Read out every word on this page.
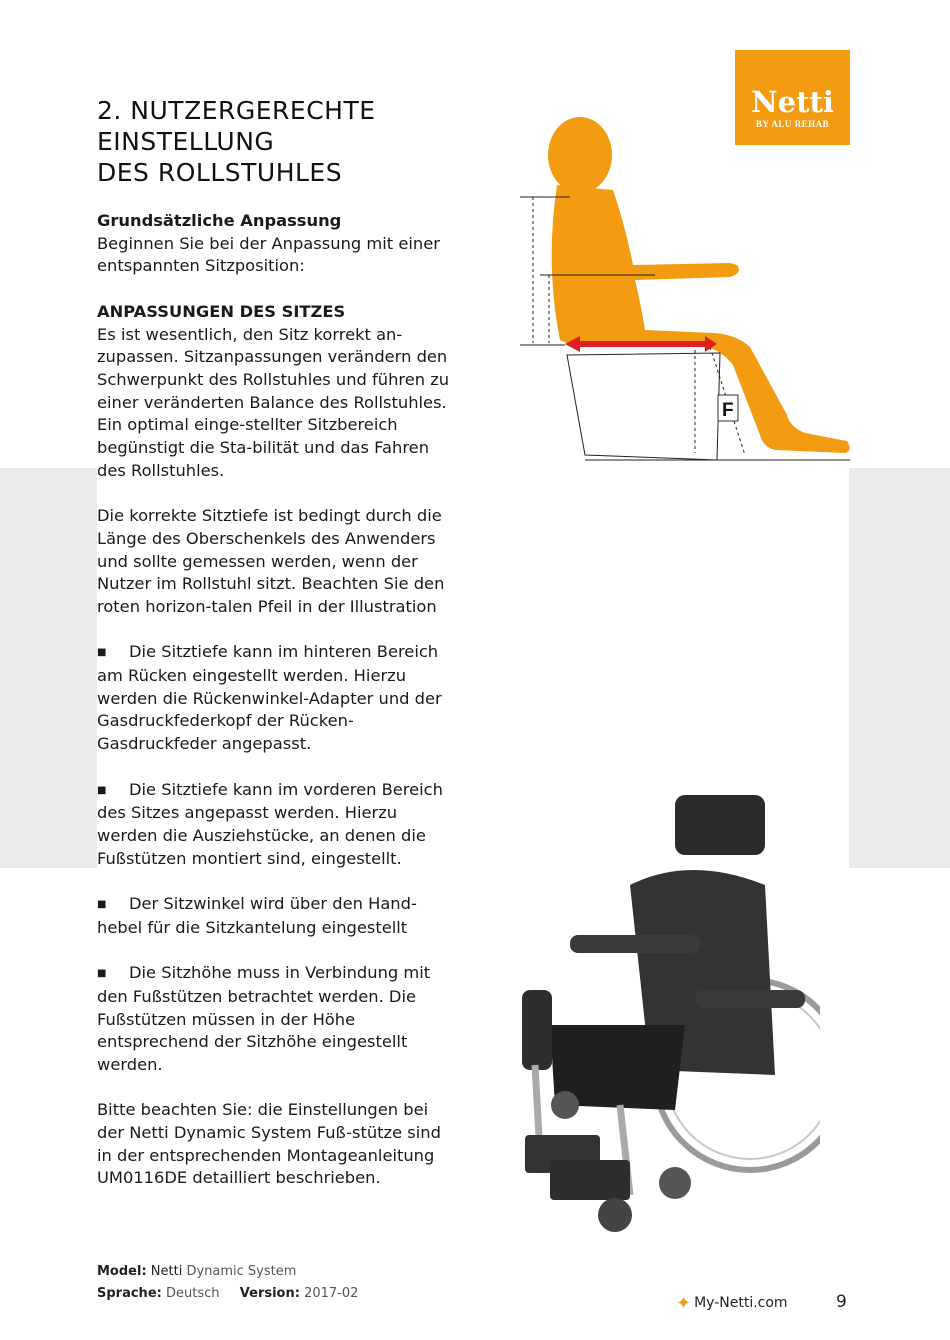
Netti
BY ALU REHAB
2. NUTZERGERECHTE
EINSTELLUNG
DES ROLLSTUHLES

Grundsätzliche Anpassung
Beginnen Sie bei der Anpassung mit einer entspannten Sitzposition:

ANPASSUNGEN DES SITZES
Es ist wesentlich, den Sitz korrekt an-zupassen. Sitzanpassungen verändern den Schwerpunkt des Rollstuhles und führen zu einer veränderten Balance des Rollstuhles. Ein optimal einge-stellter Sitzbereich begünstigt die Sta-bilität und das Fahren des Rollstuhles.

Die korrekte Sitztiefe ist bedingt durch die Länge des Oberschenkels des Anwenders und sollte gemessen werden, wenn der Nutzer im Rollstuhl sitzt. Beachten Sie den roten horizon-talen Pfeil in der Illustration

■ Die Sitztiefe kann im hinteren Bereich am Rücken eingestellt werden. Hierzu werden die Rückenwinkel-Adapter und der Gasdruckfederkopf der Rücken-Gasdruckfeder angepasst.

■ Die Sitztiefe kann im vorderen Bereich des Sitzes angepasst werden. Hierzu werden die Ausziehstücke, an denen die Fußstützen montiert sind, eingestellt.

■ Der Sitzwinkel wird über den Hand-hebel für die Sitzkantelung eingestellt

■ Die Sitzhöhe muss in Verbindung mit den Fußstützen betrachtet werden. Die Fußstützen müssen in der Höhe entsprechend der Sitzhöhe eingestellt werden.

Bitte beachten Sie: die Einstellungen bei der Netti Dynamic System Fuß-stütze sind in der entsprechenden Montageanleitung UM0116DE detailliert beschrieben.

F
Model: Netti Dynamic System
Sprache: Deutsch Version: 2017-02	✦ My-Netti.com	9
